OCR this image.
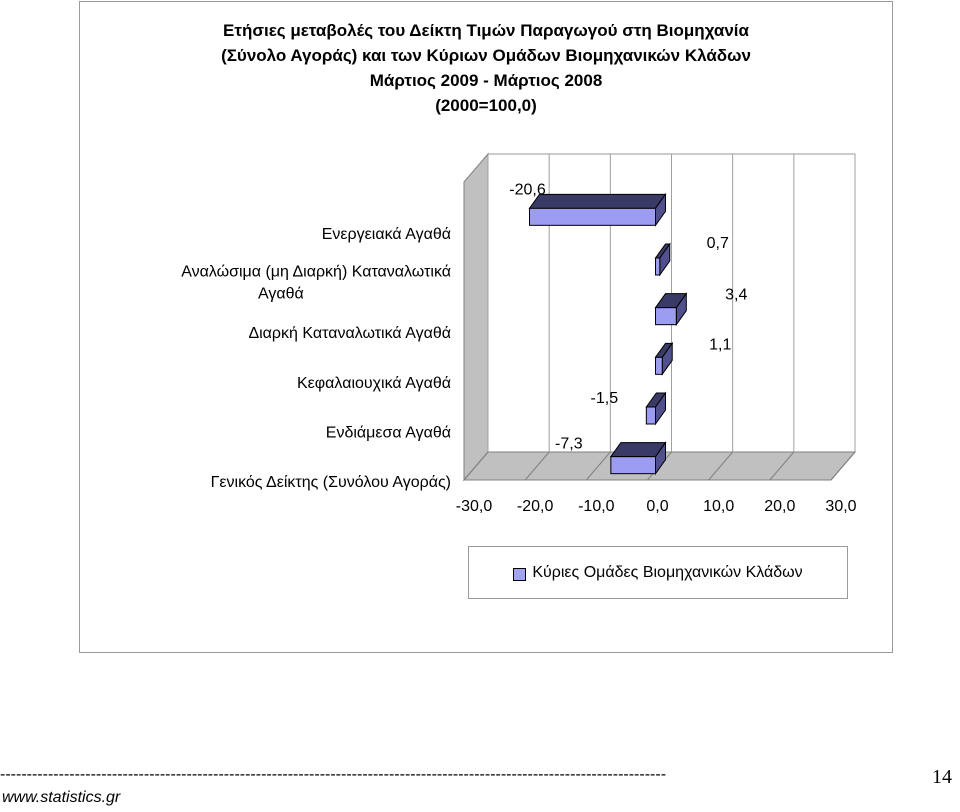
Ετήσιες μεταβολές του Δείκτη Τιμών Παραγωγού στη Βιομηχανία
(Σύνολο Αγοράς) και των Κύριων Ομάδων Βιομηχανικών Κλάδων
Μάρτιος 2009 - Μάρτιος 2008
(2000=100,0)
-30,0 -20,0 -10,0 0,0 10,0 20,0 30,0
-20,6
Ενεργειακά Αγαθά
0,7
Αναλώσιμα (μη Διαρκή) Καταναλωτικά
Αγαθά	3,4
Διαρκή Καταναλωτικά Αγαθά
1,1
Κεφαλαιουχικά Αγαθά
-1,5
Ενδιάμεσα Αγαθά
-7,3
Γενικός Δείκτης (Συνόλου Αγοράς)
Κύριες Ομάδες Βιομηχανικών Κλάδων
-----------------------------------------------------------------------------------------------------------------------------	14
www.statistics.gr
